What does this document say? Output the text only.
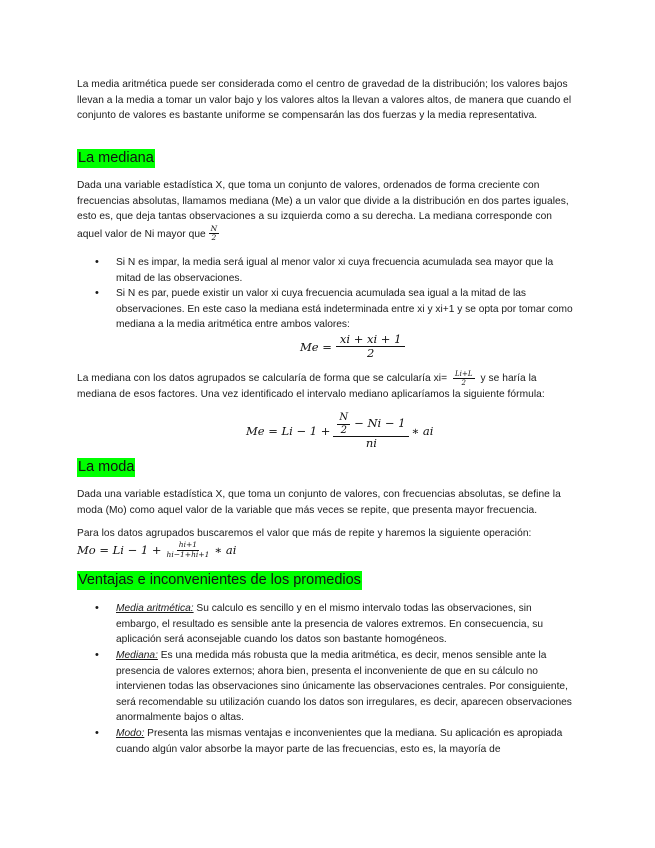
La media aritmética puede ser considerada como el centro de gravedad de la distribución; los valores bajos llevan a la media a tomar un valor bajo y los valores altos la llevan a valores altos, de manera que cuando el conjunto de valores es bastante uniforme se compensarán las dos fuerzas y la media representativa.
La mediana
Dada una variable estadística X, que toma un conjunto de valores, ordenados de forma creciente con frecuencias absolutas, llamamos mediana (Me) a un valor que divide a la distribución en dos partes iguales, esto es, que deja tantas observaciones a su izquierda como a su derecha. La mediana corresponde con aquel valor de Ni mayor que $\frac{N}{2}$
• Si N es impar, la media será igual al menor valor xi cuya frecuencia acumulada sea mayor que la mitad de las observaciones.
• Si N es par, puede existir un valor xi cuya frecuencia acumulada sea igual a la mitad de las observaciones. En este caso la mediana está indeterminada entre xi y xi+1 y se opta por tomar como mediana a la media aritmética entre ambos valores:
$Me = \frac{xi + xi + 1}{2}$
La mediana con los datos agrupados se calcularía de forma que se calcularía $xi= \frac{Li+L}{2}$ y se haría la mediana de esos factores. Una vez identificado el intervalo mediano aplicaríamos la siguiente fórmula:
$Me = Li - 1 + \frac{\frac{N}{2} - Ni - 1}{ni}$ ∗ ai
La moda
Dada una variable estadística X, que toma un conjunto de valores, con frecuencias absolutas, se define la moda (Mo) como aquel valor de la variable que más veces se repite, que presenta mayor frecuencia.
Para los datos agrupados buscaremos el valor que más de repite y haremos la siguiente operación:
$Mo = Li - 1 + \frac{hi+1}{hi-1+hi+1}$ ∗ ai
Ventajas e inconvenientes de los promedios
• Media aritmética: Su calculo es sencillo y en el mismo intervalo todas las observaciones, sin embargo, el resultado es sensible ante la presencia de valores extremos. En consecuencia, su aplicación será aconsejable cuando los datos son bastante homogéneos.
• Mediana: Es una medida más robusta que la media aritmética, es decir, menos sensible ante la presencia de valores externos; ahora bien, presenta el inconveniente de que en su cálculo no intervienen todas las observaciones sino únicamente las observaciones centrales. Por consiguiente, será recomendable su utilización cuando los datos son irregulares, es decir, aparecen observaciones anormalmente bajos o altas.
• Modo: Presenta las mismas ventajas e inconvenientes que la mediana. Su aplicación es apropiada cuando algún valor absorbe la mayor parte de las frecuencias, esto es, la mayoría de
